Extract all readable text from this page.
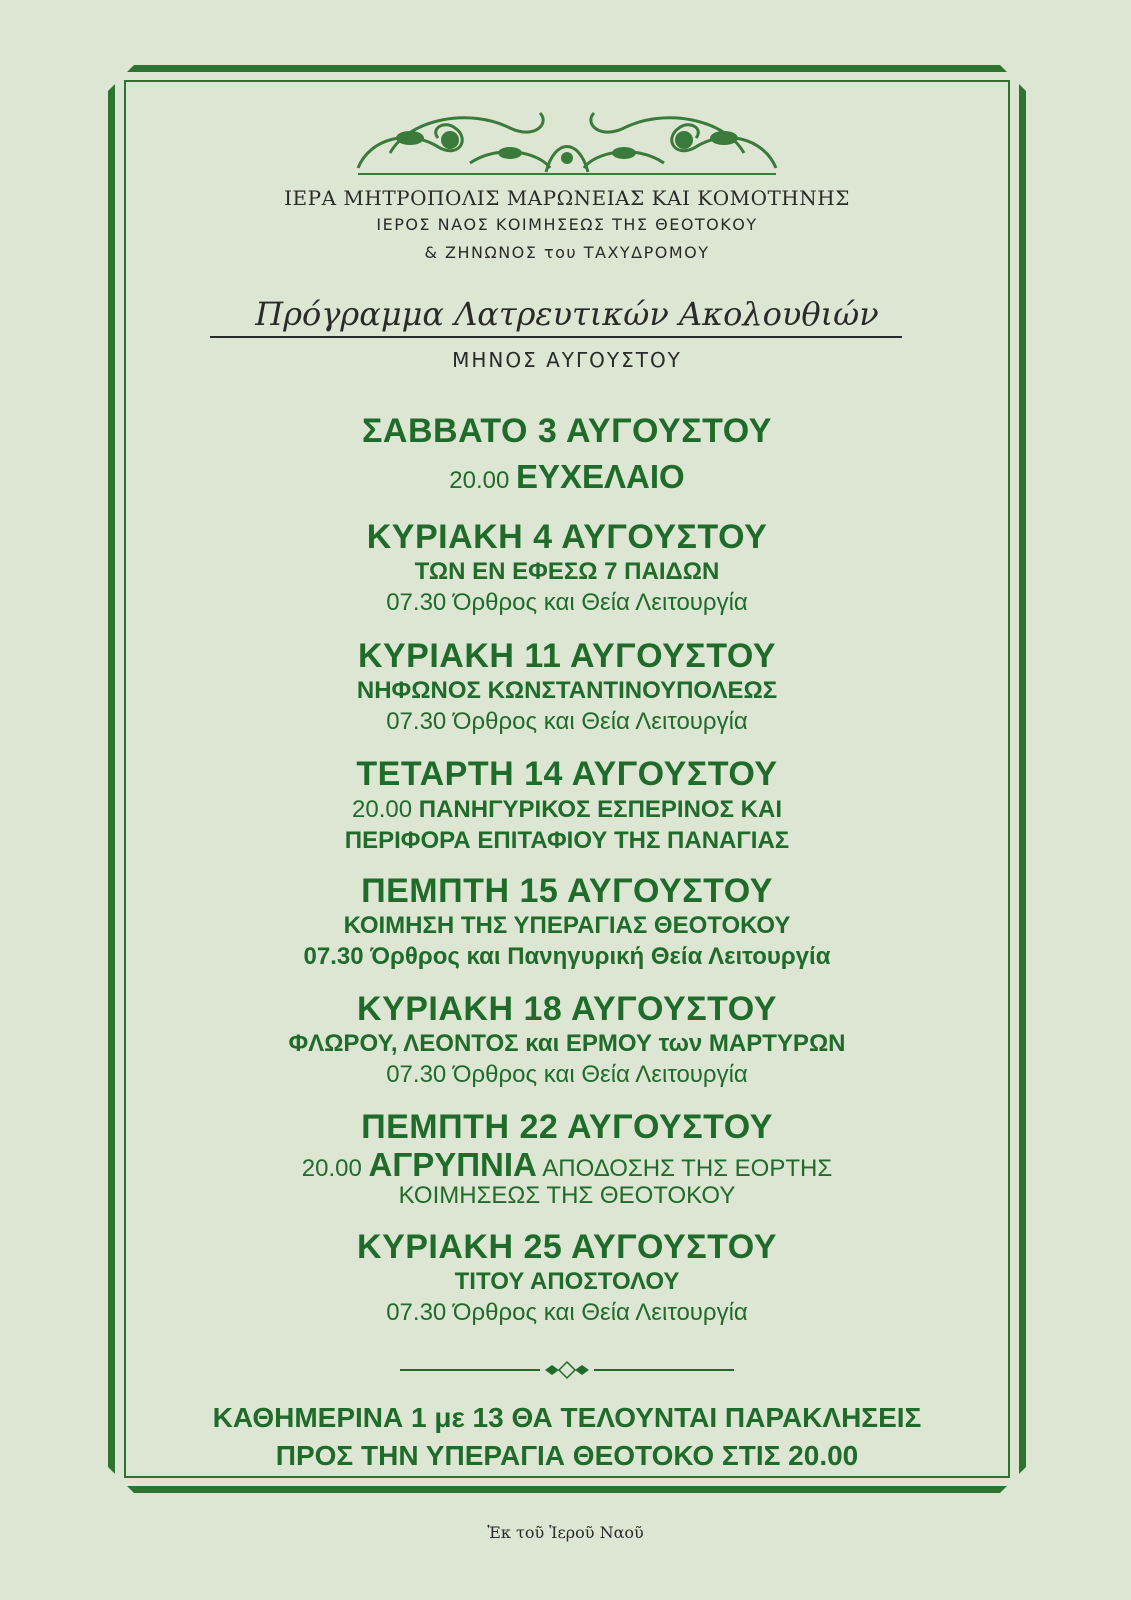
ΙΕΡΑ ΜΗΤΡΟΠΟΛΙΣ ΜΑΡΩΝΕΙΑΣ ΚΑΙ ΚΟΜΟΤΗΝΗΣ
ΙΕΡΟΣ ΝΑΟΣ ΚΟΙΜΗΣΕΩΣ ΤΗΣ ΘΕΟΤΟΚΟΥ
& ΖΗΝΩΝΟΣ του ΤΑΧΥΔΡΟΜΟΥ
Πρόγραμμα Λατρευτικών Ακολουθιών
ΜΗΝΟΣ ΑΥΓΟΥΣΤΟΥ
ΣΑΒΒΑΤΟ 3 ΑΥΓΟΥΣΤΟΥ
20.00 ΕΥΧΕΛΑΙΟ
ΚΥΡΙΑΚΗ 4 ΑΥΓΟΥΣΤΟΥ
ΤΩΝ ΕΝ ΕΦΕΣΩ 7 ΠΑΙΔΩΝ
07.30 Όρθρος και Θεία Λειτουργία
ΚΥΡΙΑΚΗ 11 ΑΥΓΟΥΣΤΟΥ
ΝΗΦΩΝΟΣ ΚΩΝΣΤΑΝΤΙΝΟΥΠΟΛΕΩΣ
07.30 Όρθρος και Θεία Λειτουργία
ΤΕΤΑΡΤΗ 14 ΑΥΓΟΥΣΤΟΥ
20.00 ΠΑΝΗΓΥΡΙΚΟΣ ΕΣΠΕΡΙΝΟΣ ΚΑΙ
ΠΕΡΙΦΟΡΑ ΕΠΙΤΑΦΙΟΥ ΤΗΣ ΠΑΝΑΓΙΑΣ
ΠΕΜΠΤΗ 15 ΑΥΓΟΥΣΤΟΥ
ΚΟΙΜΗΣΗ ΤΗΣ ΥΠΕΡΑΓΙΑΣ ΘΕΟΤΟΚΟΥ
07.30 Όρθρος και Πανηγυρική Θεία Λειτουργία
ΚΥΡΙΑΚΗ 18 ΑΥΓΟΥΣΤΟΥ
ΦΛΩΡΟΥ, ΛΕΟΝΤΟΣ και ΕΡΜΟΥ των ΜΑΡΤΥΡΩΝ
07.30 Όρθρος και Θεία Λειτουργία
ΠΕΜΠΤΗ 22 ΑΥΓΟΥΣΤΟΥ
20.00 ΑΓΡΥΠΝΙΑ ΑΠΟΔΟΣΗΣ ΤΗΣ ΕΟΡΤΗΣ
ΚΟΙΜΗΣΕΩΣ ΤΗΣ ΘΕΟΤΟΚΟΥ
ΚΥΡΙΑΚΗ 25 ΑΥΓΟΥΣΤΟΥ
ΤΙΤΟΥ ΑΠΟΣΤΟΛΟΥ
07.30 Όρθρος και Θεία Λειτουργία
ΚΑΘΗΜΕΡΙΝΑ 1 με 13 ΘΑ ΤΕΛΟΥΝΤΑΙ ΠΑΡΑΚΛΗΣΕΙΣ
ΠΡΟΣ ΤΗΝ ΥΠΕΡΑΓΙΑ ΘΕΟΤΟΚΟ ΣΤΙΣ 20.00
Ἐκ τοῦ Ἱεροῦ Ναοῦ
